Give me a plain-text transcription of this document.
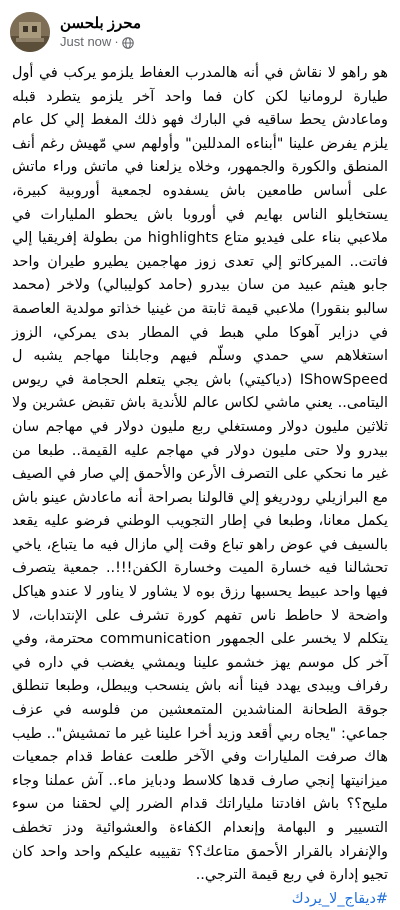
محرز بلحسن
Just now ·

هو راهو لا نقاش في أنه هالمدرب العفاط يلزمو يركب في أول طيارة لرومانيا لكن كان فما واحد آخر يلزمو يتطرد قبله وماعادش يحط ساقيه في البارك فهو ذلك المغط إلي كل عام يلزم يفرض علينا "أبناءه المدللين" وأولهم سي مّهيش رغم أنف المنطق والكورة والجمهور، وخلاه يزلعنا في ماتش وراء ماتش على أساس طامعين باش يسفدوه لجمعية أوروبية كبيرة، يستخايلو الناس بهايم في أوروبا باش يحطو المليارات في ملاعبي بناء على فيديو متاع highlights من بطولة إفريقيا إلي فاتت.. الميركاتو إلي تعدى زوز مهاجمين يطيرو طيران واحد جابو هيثم عبيد من سان بيدرو (حامد كوليبالي) ولاخر (محمد سالبو بنقورا) ملاعبي قيمة ثابتة من غينيا خذاتو مولدية العاصمة في دزاير آهوكا ملي هبط في المطار بدى يمركي، الزوز استغلاهم سي حمدي وسلّم فيهم وجابلنا مهاجم يشبه ل IShowSpeed (دياكيتي) باش يجي يتعلم الحجامة في ريوس اليتامى.. يعني ماشي لكاس عالم للأندية باش تقبض عشرين ولا ثلاثين مليون دولار ومستغلي ربع مليون دولار في مهاجم سان بيدرو ولا حتى مليون دولار في مهاجم عليه القيمة.. طبعا من غير ما نحكي على التصرف الأرعن والأحمق إلي صار في الصيف مع البرازيلي رودريغو إلي قالولنا بصراحة أنه ماعادش عينو باش يكمل معانا، وطبعا في إطار التجويب الوطني فرضو عليه يقعد بالسيف في عوض راهو تباع وقت إلي مازال فيه ما يتباع، ياخي تحشالنا فيه خسارة الميت وخسارة الكفن!!!.. جمعية يتصرف فيها واحد عبيط يحسبها رزق بوه لا يشاور لا يناور لا عندو هياكل واضحة لا حاطط ناس تفهم كورة تشرف على الإنتدابات، لا يتكلم لا يخسر على الجمهور communication محترمة، وفي آخر كل موسم يهز خشمو علينا ويمشي يغضب في داره في رفراف ويبدى يهدد فينا أنه باش ينسحب ويبطل، وطبعا تنطلق جوقة الطحانة المناشدين المتمعشين من فلوسه في عزف جماعي: "يجاه ربي أقعد وزيد أخرا علينا غير ما تمشيش".. طيب هاك صرفت المليارات وفي الآخر طلعت عفاط قدام جمعيات ميزانيتها إنجي صارف قدها كلاسط ودبايز ماء.. آش عملنا وجاء مليح؟؟ باش افادتنا ملياراتك قدام الضرر إلي لحقنا من سوء التسيير و البهامة وإنعدام الكفاءة والعشوائية ودز تخطف والإنفراد بالقرار الأحمق متاعك؟؟ تقييبه عليكم واحد واحد كان تجيو إدارة في ربع قيمة الترجي..

#ديقاج_لا_يردك
